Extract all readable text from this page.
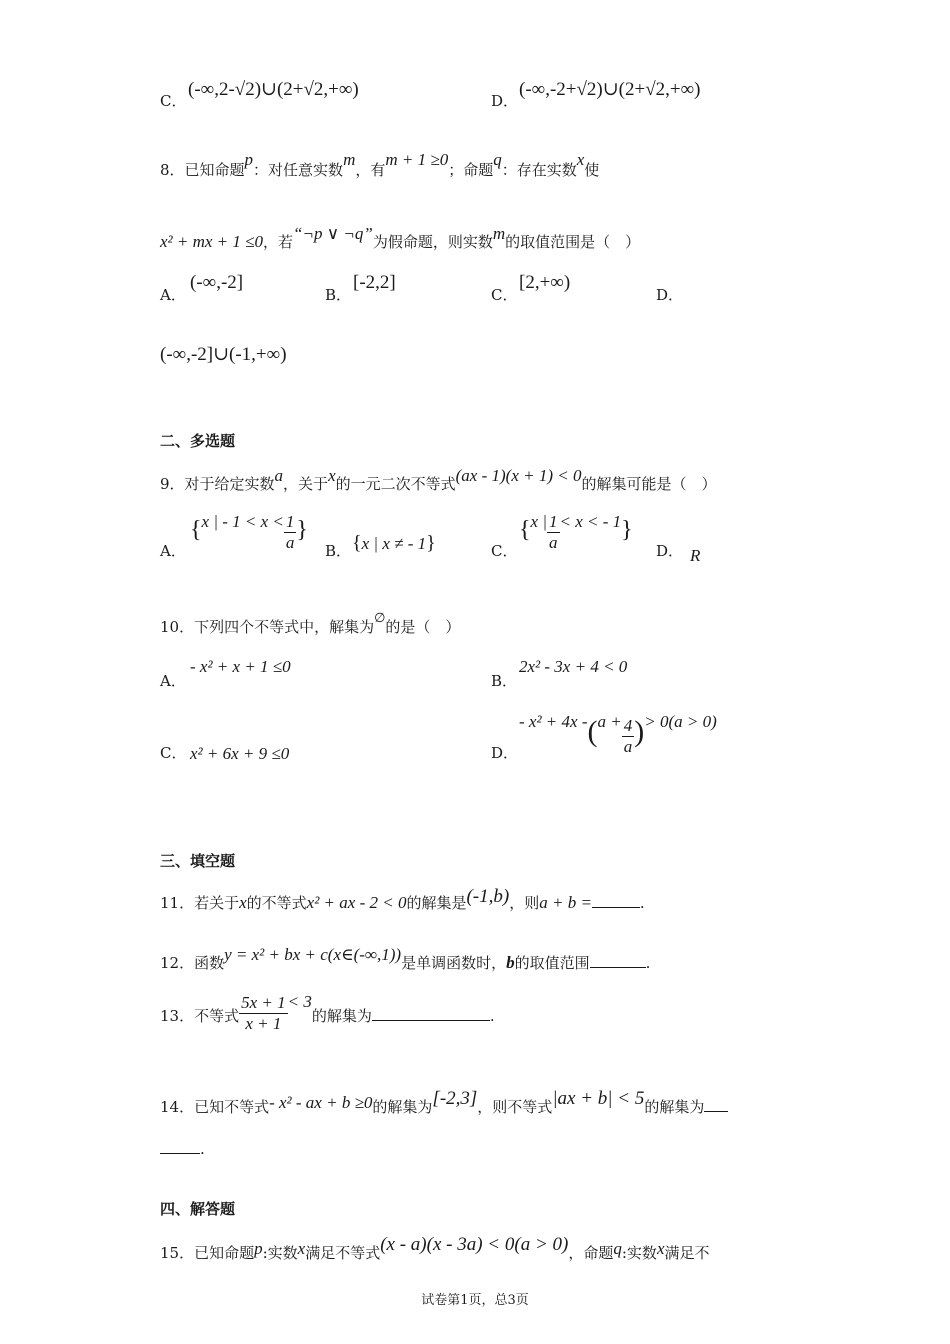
C．
(-∞,2-√2)∪(2+√2,+∞)
D．
(-∞,-2+√2)∪(2+√2,+∞)
8．已知命题p：对任意实数m，有m + 1 ≥0；命题q：存在实数x使
x² + mx + 1 ≤0，若“¬p ∨ ¬q”为假命题，则实数m的取值范围是（　）
A．
(-∞,-2]
B．
[-2,2]
C．
[2,+∞)
D．
(-∞,-2]∪(-1,+∞)
二、多选题
9．对于给定实数a，关于x的一元二次不等式(ax - 1)(x + 1) < 0的解集可能是（　）
A．
{x | - $1 < x < \frac{1}{a}$ }
B． {x | x ≠ - 1}	C．
{x | $\frac{1}{a} < x$ < - 1}
D． R
10．下列四个不等式中，解集为∅的是（　）
A．
- x² + x + 1 ≤0
B．
2x² - 3x + 4 < 0
C． x² + 6x + 9 ≤0	D．
- x² + 4x $-(a + \frac{4}{a}$ )> 0(a > 0)
三、填空题
11．若关于x的不等式x² + ax - 2 < 0的解集是(-1,b)，则a + b =	.
12．函数y = x² + bx + c(x∈(-∞,1))是单调函数时，b的取值范围	.
13．不等式 $\frac{5x + 1}{x + 1} < 3$的解集为	.
14．已知不等式- x² - ax + b ≥0的解集为[-2,3]，则不等式|ax + b| < 5的解集为
.
四、解答题
15．已知命题p:实数x满足不等式(x - a)(x - 3a) < 0(a > 0)，命题q:实数x满足不
试卷第1页，总3页
